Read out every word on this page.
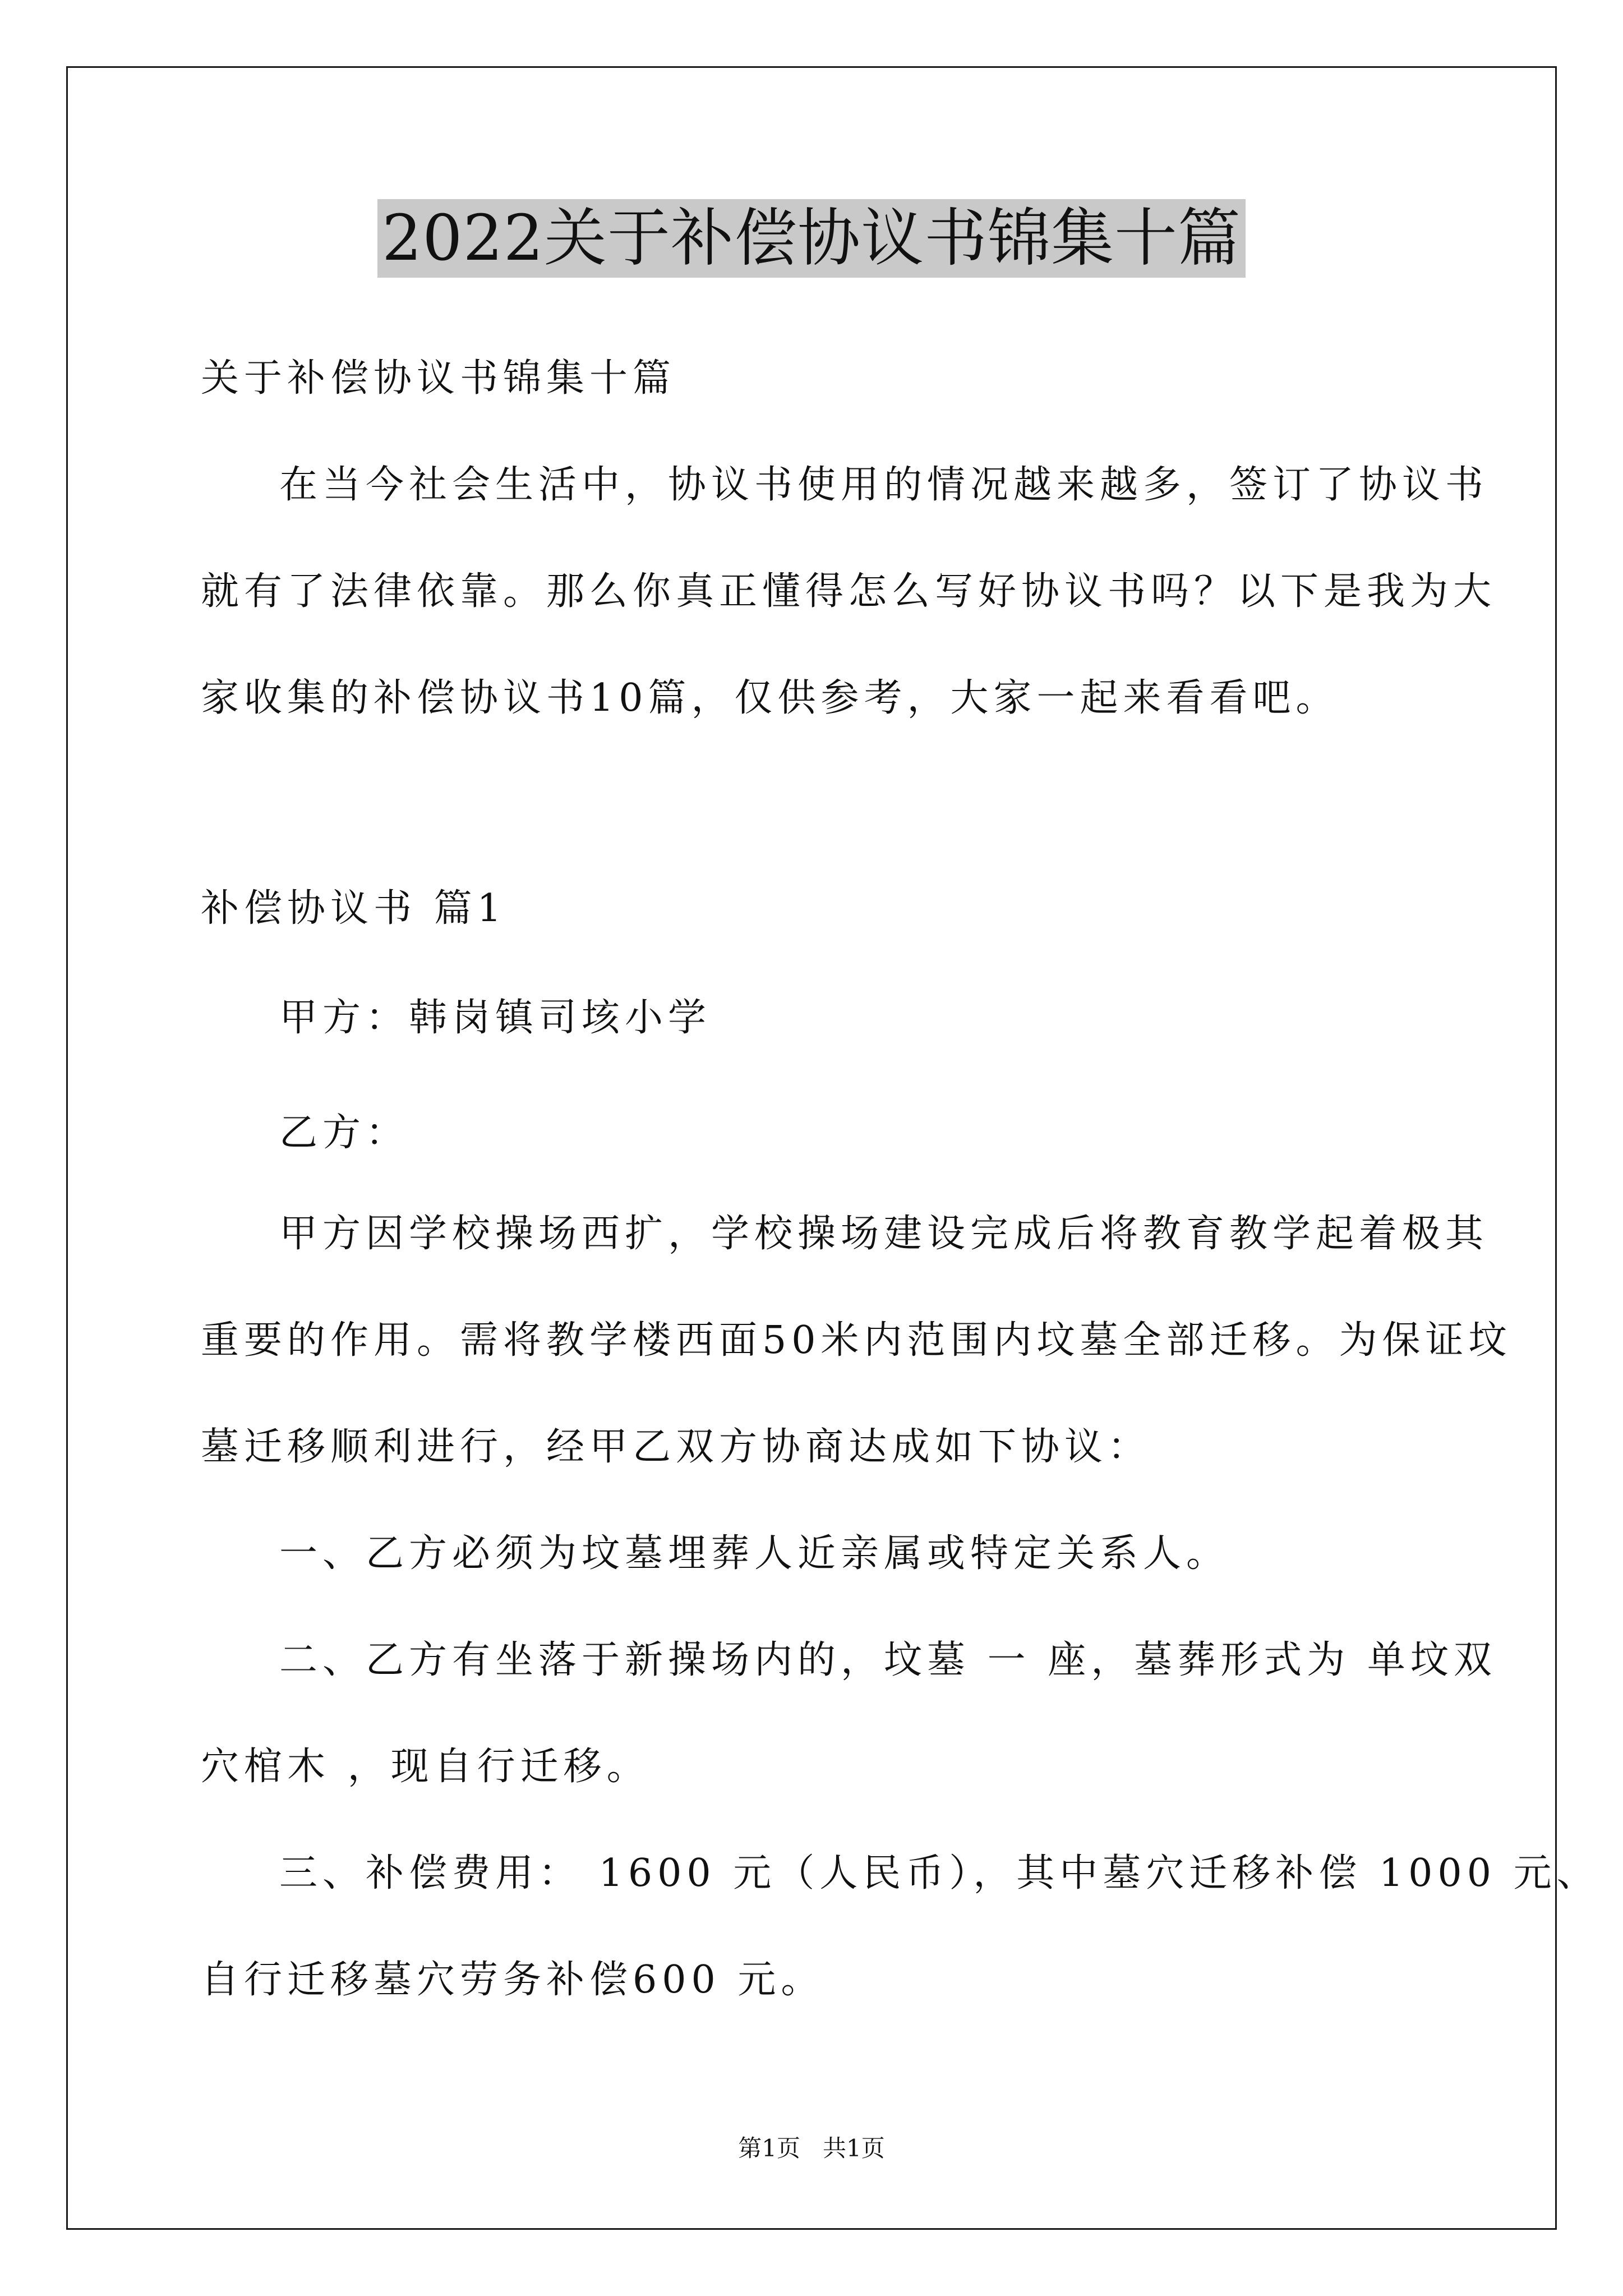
2022关于补偿协议书锦集十篇
关于补偿协议书锦集十篇
在当今社会生活中，协议书使用的情况越来越多，签订了协议书
就有了法律依靠。那么你真正懂得怎么写好协议书吗？以下是我为大
家收集的补偿协议书10篇，仅供参考，大家一起来看看吧。
补偿协议书 篇1
甲方：韩岗镇司垓小学
乙方：
甲方因学校操场西扩，学校操场建设完成后将教育教学起着极其
重要的作用。需将教学楼西面50米内范围内坟墓全部迁移。为保证坟
墓迁移顺利进行，经甲乙双方协商达成如下协议：
一、乙方必须为坟墓埋葬人近亲属或特定关系人。
二、乙方有坐落于新操场内的，坟墓 一 座，墓葬形式为 单坟双
穴棺木 ，现自行迁移。
三、补偿费用： 1600 元（人民币），其中墓穴迁移补偿 1000 元、
自行迁移墓穴劳务补偿600 元。
第1页   共1页
